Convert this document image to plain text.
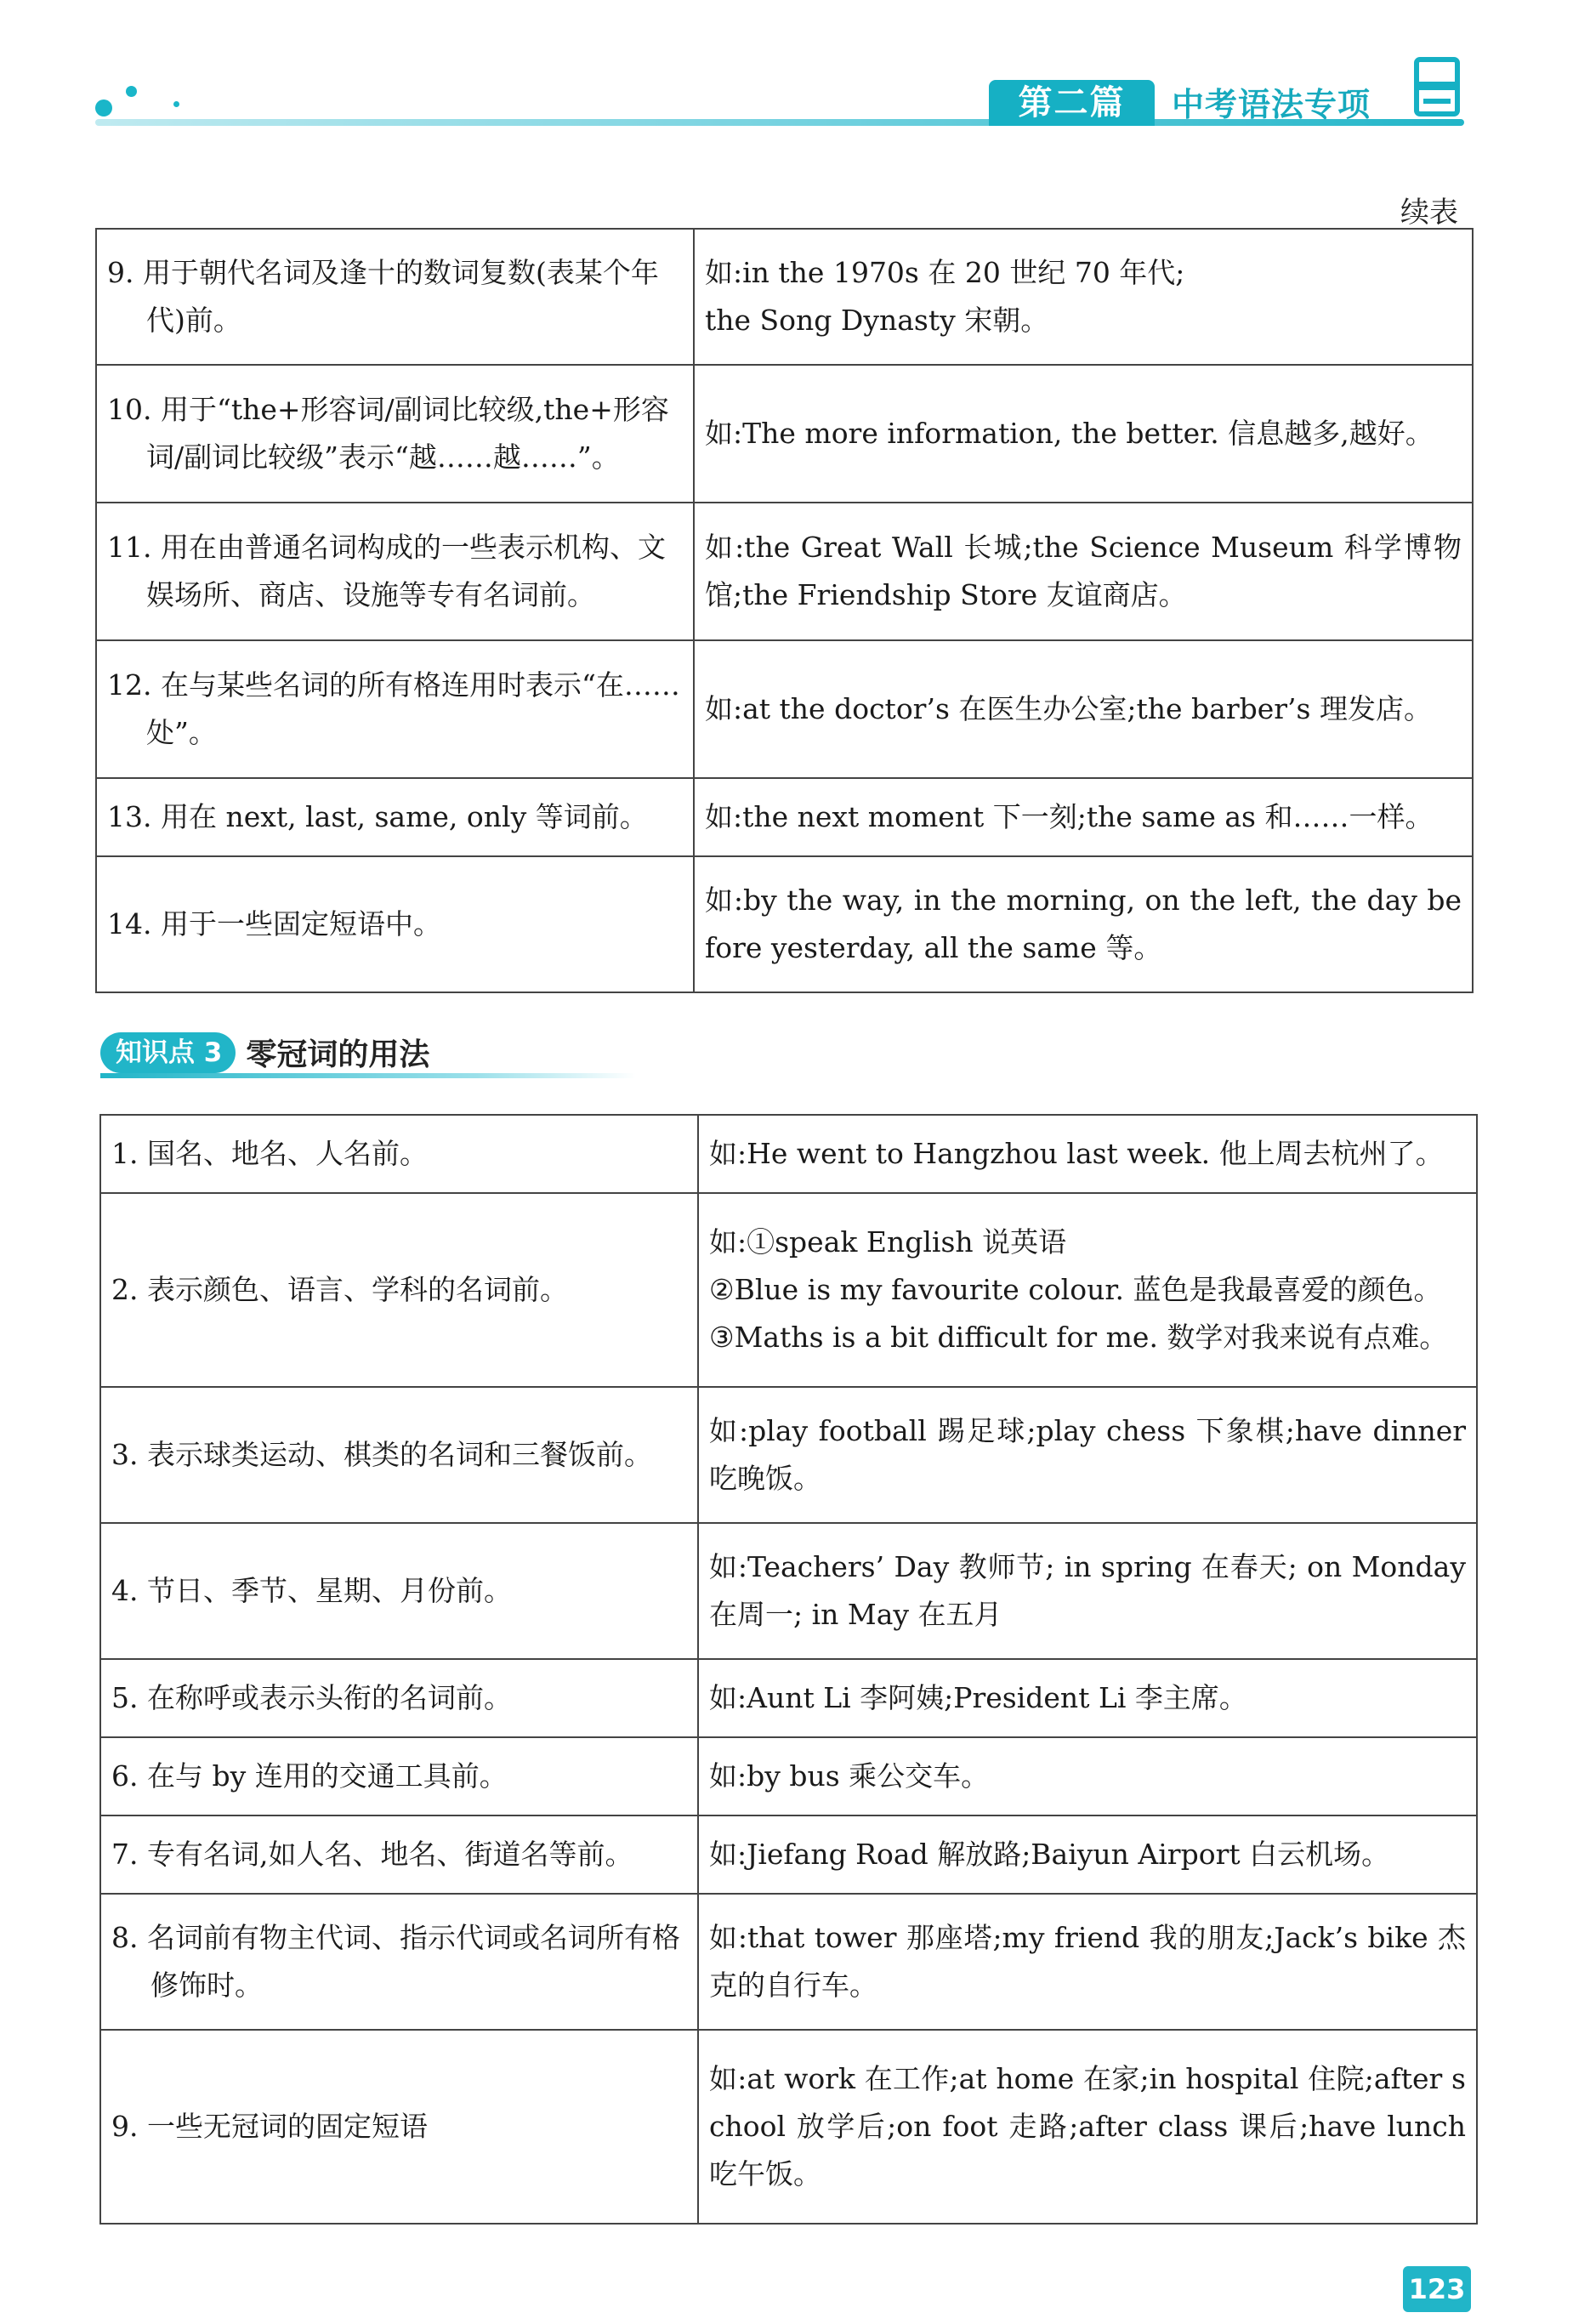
第二篇	中考语法专项
续表
9. 用于朝代名词及逢十的数词复数(表某个年代)前。	如:in the 1970s 在 20 世纪 70 年代;
the Song Dynasty 宋朝。

10. 用于“the+形容词/副词比较级,the+形容词/副词比较级”表示“越……越……”。	如:The more information, the better. 信息越多,越好。

11. 用在由普通名词构成的一些表示机构、文娱场所、商店、设施等专有名词前。	如:the Great Wall 长城;the Science Museum 科学博物馆;the Friendship Store 友谊商店。

12. 在与某些名词的所有格连用时表示“在……处”。	如:at the doctor’s 在医生办公室;the barber’s 理发店。

13. 用在 next, last, same, only 等词前。	如:the next moment 下一刻;the same as 和……一样。

14. 用于一些固定短语中。	如:by the way, in the morning, on the left, the day before yesterday, all the same 等。
知识点 3 零冠词的用法
1. 国名、地名、人名前。	如:He went to Hangzhou last week. 他上周去杭州了。

2. 表示颜色、语言、学科的名词前。	如:①speak English 说英语
②Blue is my favourite colour. 蓝色是我最喜爱的颜色。
③Maths is a bit difficult for me. 数学对我来说有点难。

3. 表示球类运动、棋类的名词和三餐饭前。	如:play football 踢足球;play chess 下象棋;have dinner 吃晚饭。

4. 节日、季节、星期、月份前。	如:Teachers’ Day 教师节; in spring 在春天; on Monday 在周一; in May 在五月

5. 在称呼或表示头衔的名词前。	如:Aunt Li 李阿姨;President Li 李主席。

6. 在与 by 连用的交通工具前。	如:by bus 乘公交车。

7. 专有名词,如人名、地名、街道名等前。	如:Jiefang Road 解放路;Baiyun Airport 白云机场。

8. 名词前有物主代词、指示代词或名词所有格修饰时。	如:that tower 那座塔;my friend 我的朋友;Jack’s bike 杰克的自行车。

9. 一些无冠词的固定短语	如:at work 在工作;at home 在家;in hospital 住院;after school 放学后;on foot 走路;after class 课后;have lunch 吃午饭。
123
